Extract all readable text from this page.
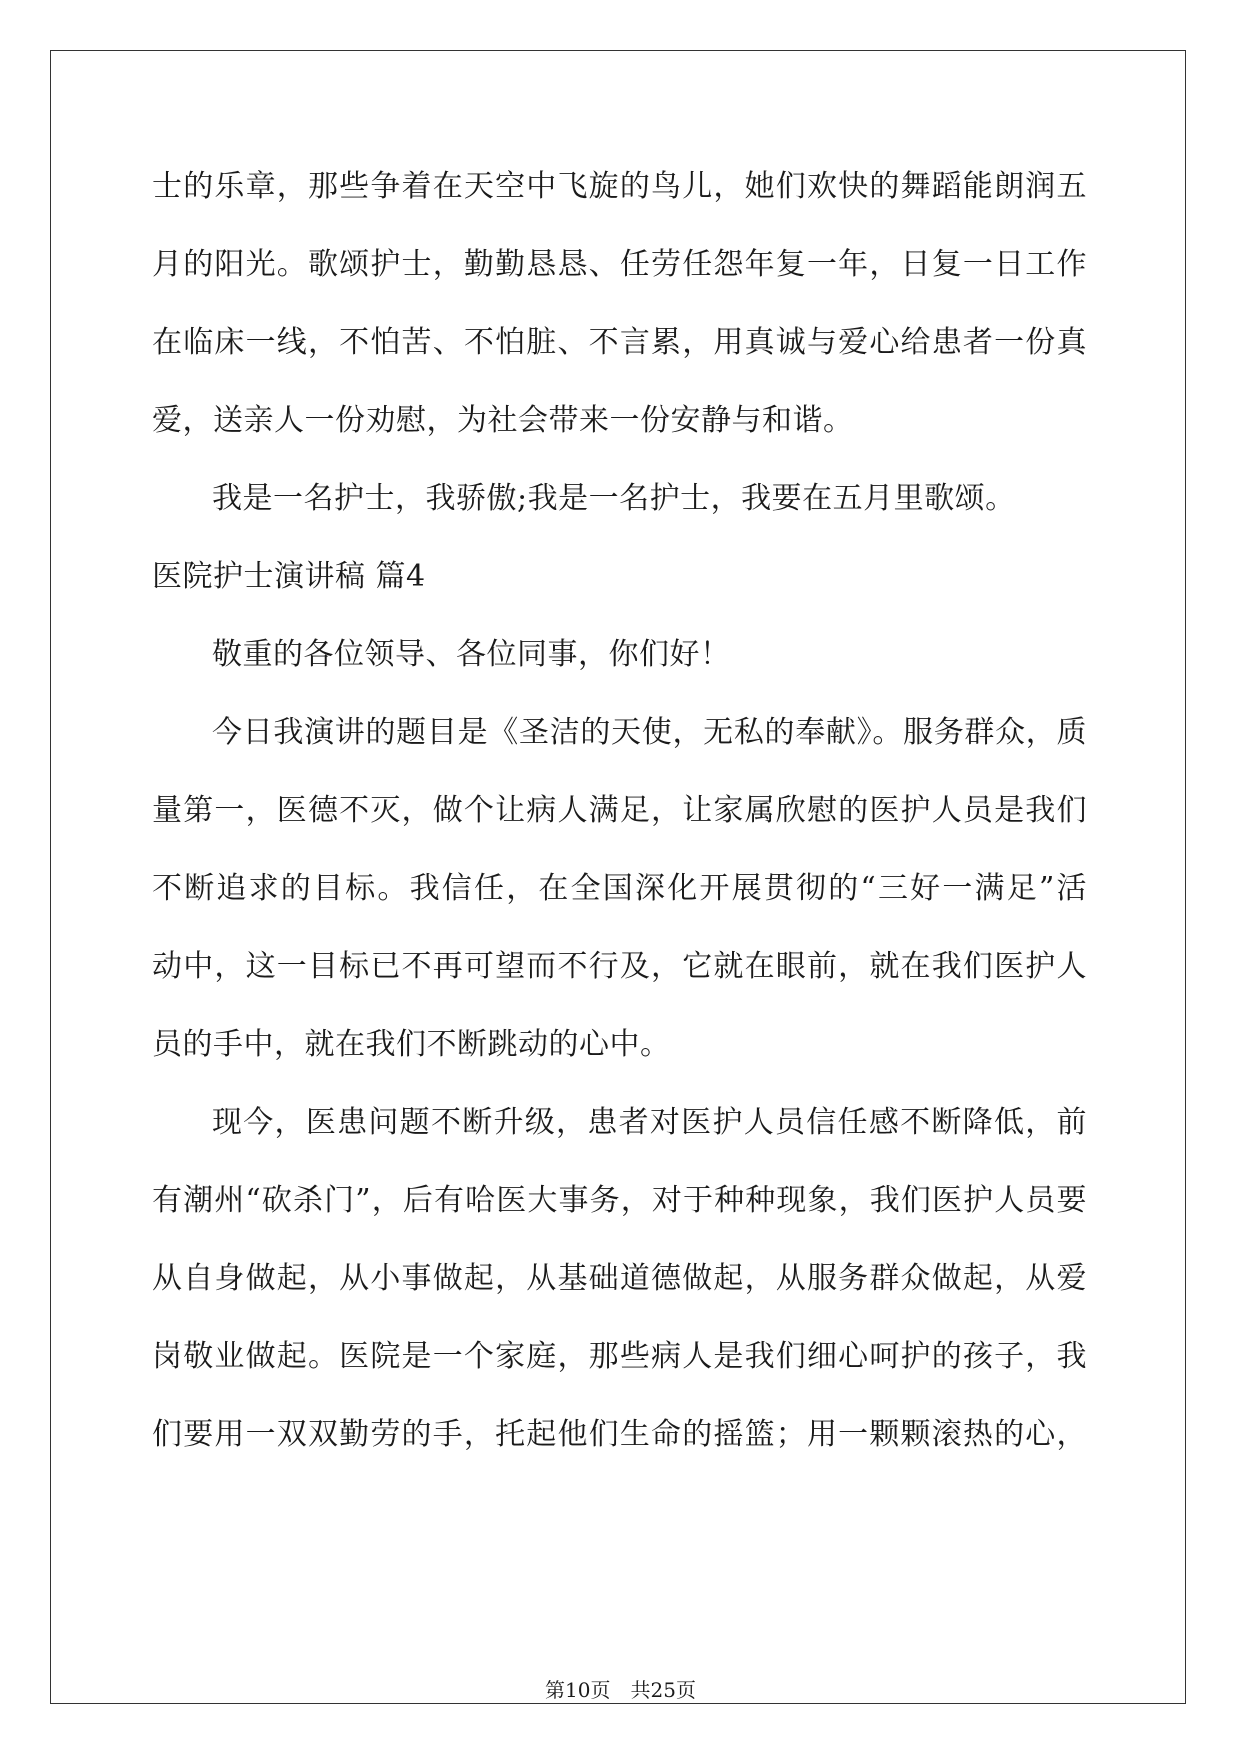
士的乐章，那些争着在天空中飞旋的鸟儿，她们欢快的舞蹈能朗润五
月的阳光。歌颂护士，勤勤恳恳、任劳任怨年复一年，日复一日工作
在临床一线，不怕苦、不怕脏、不言累，用真诚与爱心给患者一份真
爱，送亲人一份劝慰，为社会带来一份安静与和谐。
我是一名护士，我骄傲;我是一名护士，我要在五月里歌颂。
医院护士演讲稿 篇4
敬重的各位领导、各位同事，你们好！
今日我演讲的题目是《圣洁的天使，无私的奉献》。服务群众，质
量第一，医德不灭，做个让病人满足，让家属欣慰的医护人员是我们
不断追求的目标。我信任，在全国深化开展贯彻的“三好一满足”活
动中，这一目标已不再可望而不行及，它就在眼前，就在我们医护人
员的手中，就在我们不断跳动的心中。
现今，医患问题不断升级，患者对医护人员信任感不断降低，前
有潮州“砍杀门”，后有哈医大事务，对于种种现象，我们医护人员要
从自身做起，从小事做起，从基础道德做起，从服务群众做起，从爱
岗敬业做起。医院是一个家庭，那些病人是我们细心呵护的孩子，我
们要用一双双勤劳的手，托起他们生命的摇篮；用一颗颗滚热的心，
第10页 共25页
